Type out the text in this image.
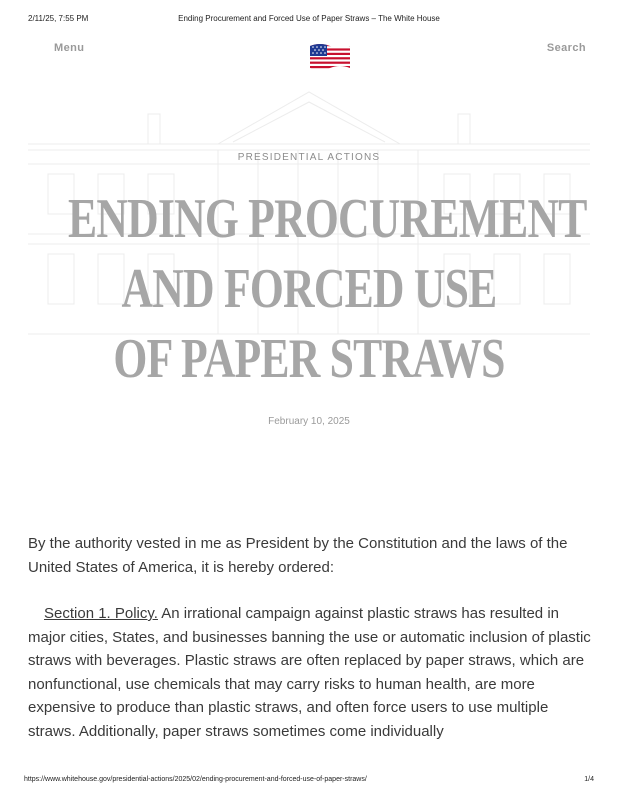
2/11/25, 7:55 PM	Ending Procurement and Forced Use of Paper Straws – The White House
Menu	Search
PRESIDENTIAL ACTIONS
ENDING PROCUREMENT
AND FORCED USE
OF PAPER STRAWS
February 10, 2025

By the authority vested in me as President by the Constitution and the laws of the United States of America, it is hereby ordered:

Section 1. Policy. An irrational campaign against plastic straws has resulted in major cities, States, and businesses banning the use or automatic inclusion of plastic straws with beverages. Plastic straws are often replaced by paper straws, which are nonfunctional, use chemicals that may carry risks to human health, are more expensive to produce than plastic straws, and often force users to use multiple straws. Additionally, paper straws sometimes come individually

https://www.whitehouse.gov/presidential-actions/2025/02/ending-procurement-and-forced-use-of-paper-straws/	1/4
